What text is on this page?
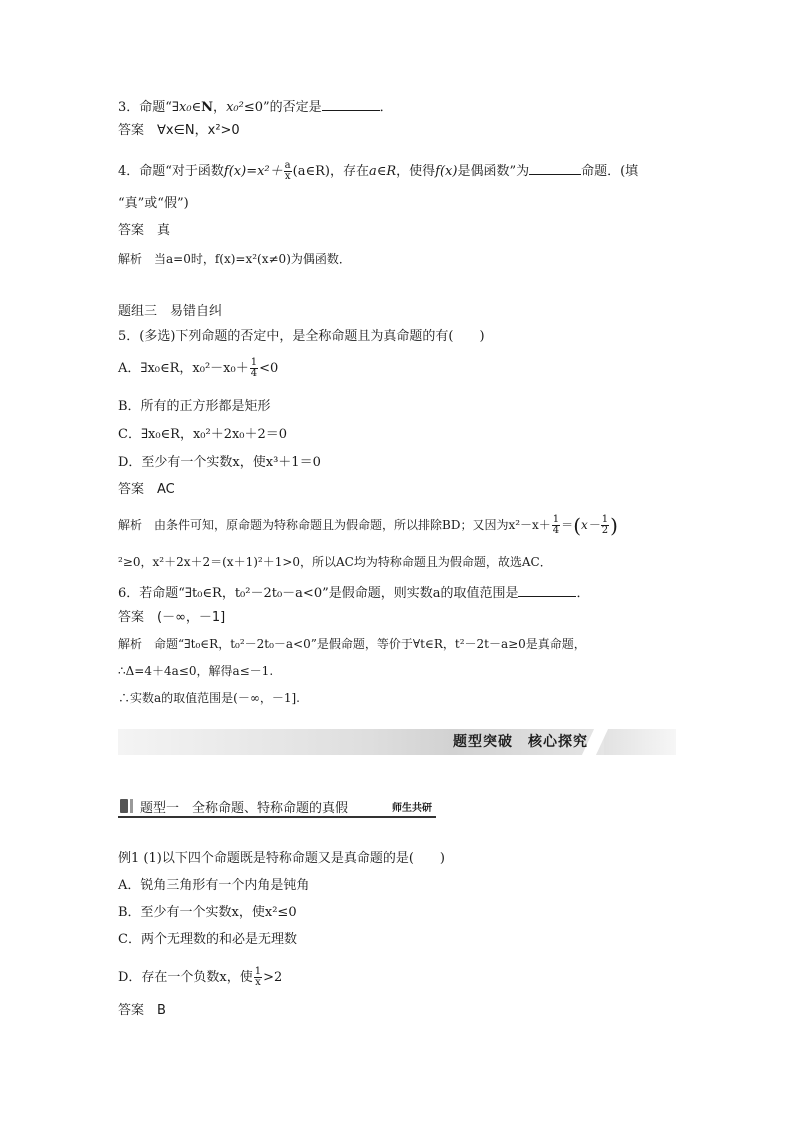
3．命题“∃x₀∈N，x₀²≤0”的否定是	．
答案　∀x∈N，x²>0
4．命题“对于函数$f(x)=x^2+ \frac{a}{x}$ (a∈R)，存在a∈R，使得f(x)是偶函数”为	命题．(填
“真”或“假”)
答案　真
解析　当a=0时，f(x)=x²(x≠0)为偶函数．
题组三　易错自纠
5．(多选)下列命题的否定中，是全称命题且为真命题的有(　　)
A．∃x₀∈R，$x_0^2-x_0+ \frac{1}{4} <0$
B．所有的正方形都是矩形
C．∃x₀∈R，x₀²＋2x₀＋2＝0
D．至少有一个实数x，使x³＋1＝0
答案　AC
解析　由条件可知，原命题为特称命题且为假命题，所以排除BD；又因为$x^2-x+ \frac{1}{4} =(x- \frac{1}{2}$ )
²≥0，x²＋2x＋2＝(x＋1)²＋1>0，所以AC均为特称命题且为假命题，故选AC．
6．若命题“∃t₀∈R，t₀²－2t₀－a<0”是假命题，则实数a的取值范围是	．
答案　(－∞，－1]
解析　命题“∃t₀∈R，t₀²－2t₀－a<0”是假命题，等价于∀t∈R，t²－2t－a≥0是真命题，
∴Δ=4＋4a≤0，解得a≤－1.
∴实数a的取值范围是(－∞，－1].
题型突破　核心探究
题型一　全称命题、特称命题的真假	师生共研
例1 (1)以下四个命题既是特称命题又是真命题的是(　　)
A．锐角三角形有一个内角是钝角
B．至少有一个实数x，使x²≤0
C．两个无理数的和必是无理数
D．存在一个负数x，使 $\frac{1}{x} >2$
答案　B
